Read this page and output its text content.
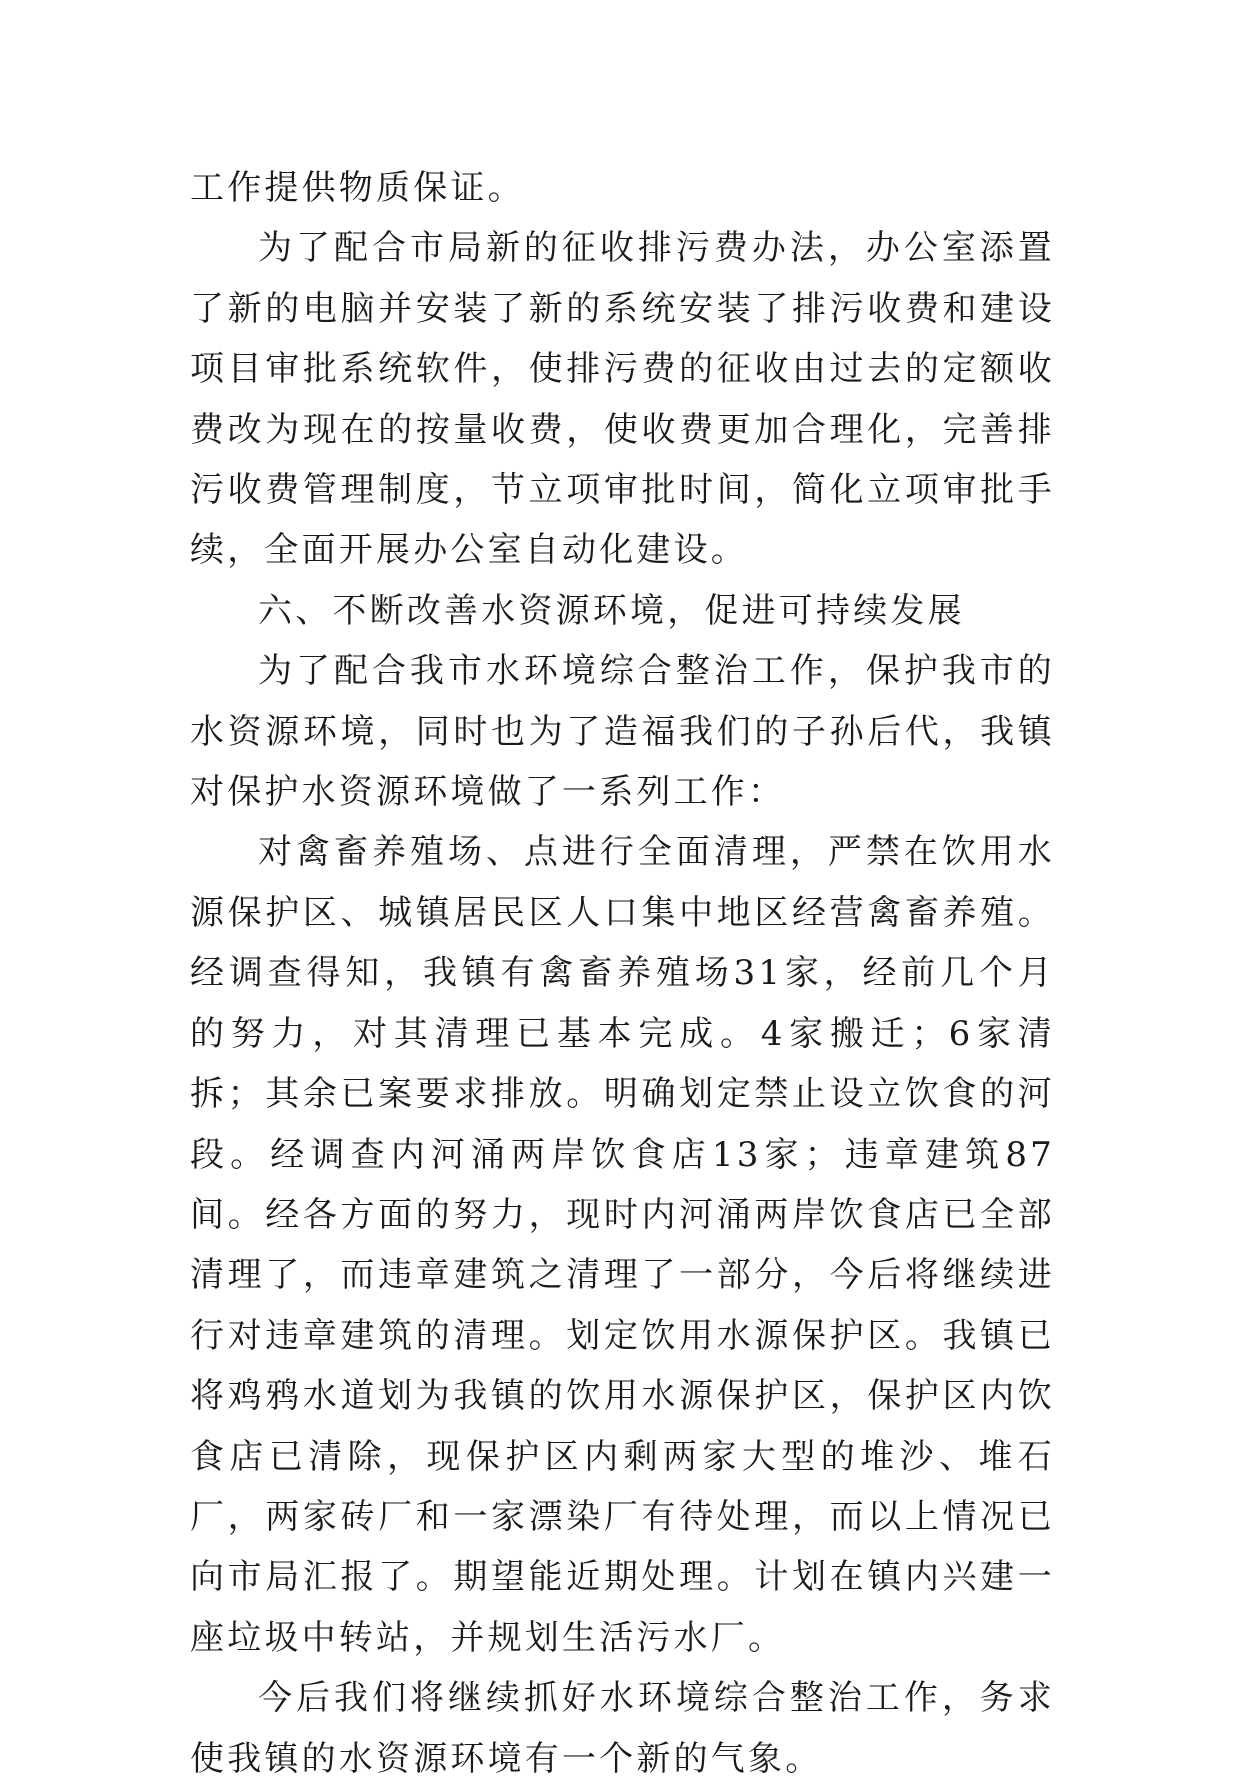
工作提供物质保证。

为了配合市局新的征收排污费办法，办公室添置了新的电脑并安装了新的系统安装了排污收费和建设项目审批系统软件，使排污费的征收由过去的定额收费改为现在的按量收费，使收费更加合理化，完善排污收费管理制度，节立项审批时间，简化立项审批手续，全面开展办公室自动化建设。

六、不断改善水资源环境，促进可持续发展

为了配合我市水环境综合整治工作，保护我市的水资源环境，同时也为了造福我们的子孙后代，我镇对保护水资源环境做了一系列工作：

对禽畜养殖场、点进行全面清理，严禁在饮用水源保护区、城镇居民区人口集中地区经营禽畜养殖。经调查得知，我镇有禽畜养殖场31家，经前几个月的努力，对其清理已基本完成。4家搬迁；6家清拆；其余已案要求排放。明确划定禁止设立饮食的河段。经调查内河涌两岸饮食店13家；违章建筑87间。经各方面的努力，现时内河涌两岸饮食店已全部清理了，而违章建筑之清理了一部分，今后将继续进行对违章建筑的清理。划定饮用水源保护区。我镇已将鸡鸦水道划为我镇的饮用水源保护区，保护区内饮食店已清除，现保护区内剩两家大型的堆沙、堆石厂，两家砖厂和一家漂染厂有待处理，而以上情况已向市局汇报了。期望能近期处理。计划在镇内兴建一座垃圾中转站，并规划生活污水厂。

今后我们将继续抓好水环境综合整治工作，务求使我镇的水资源环境有一个新的气象。
